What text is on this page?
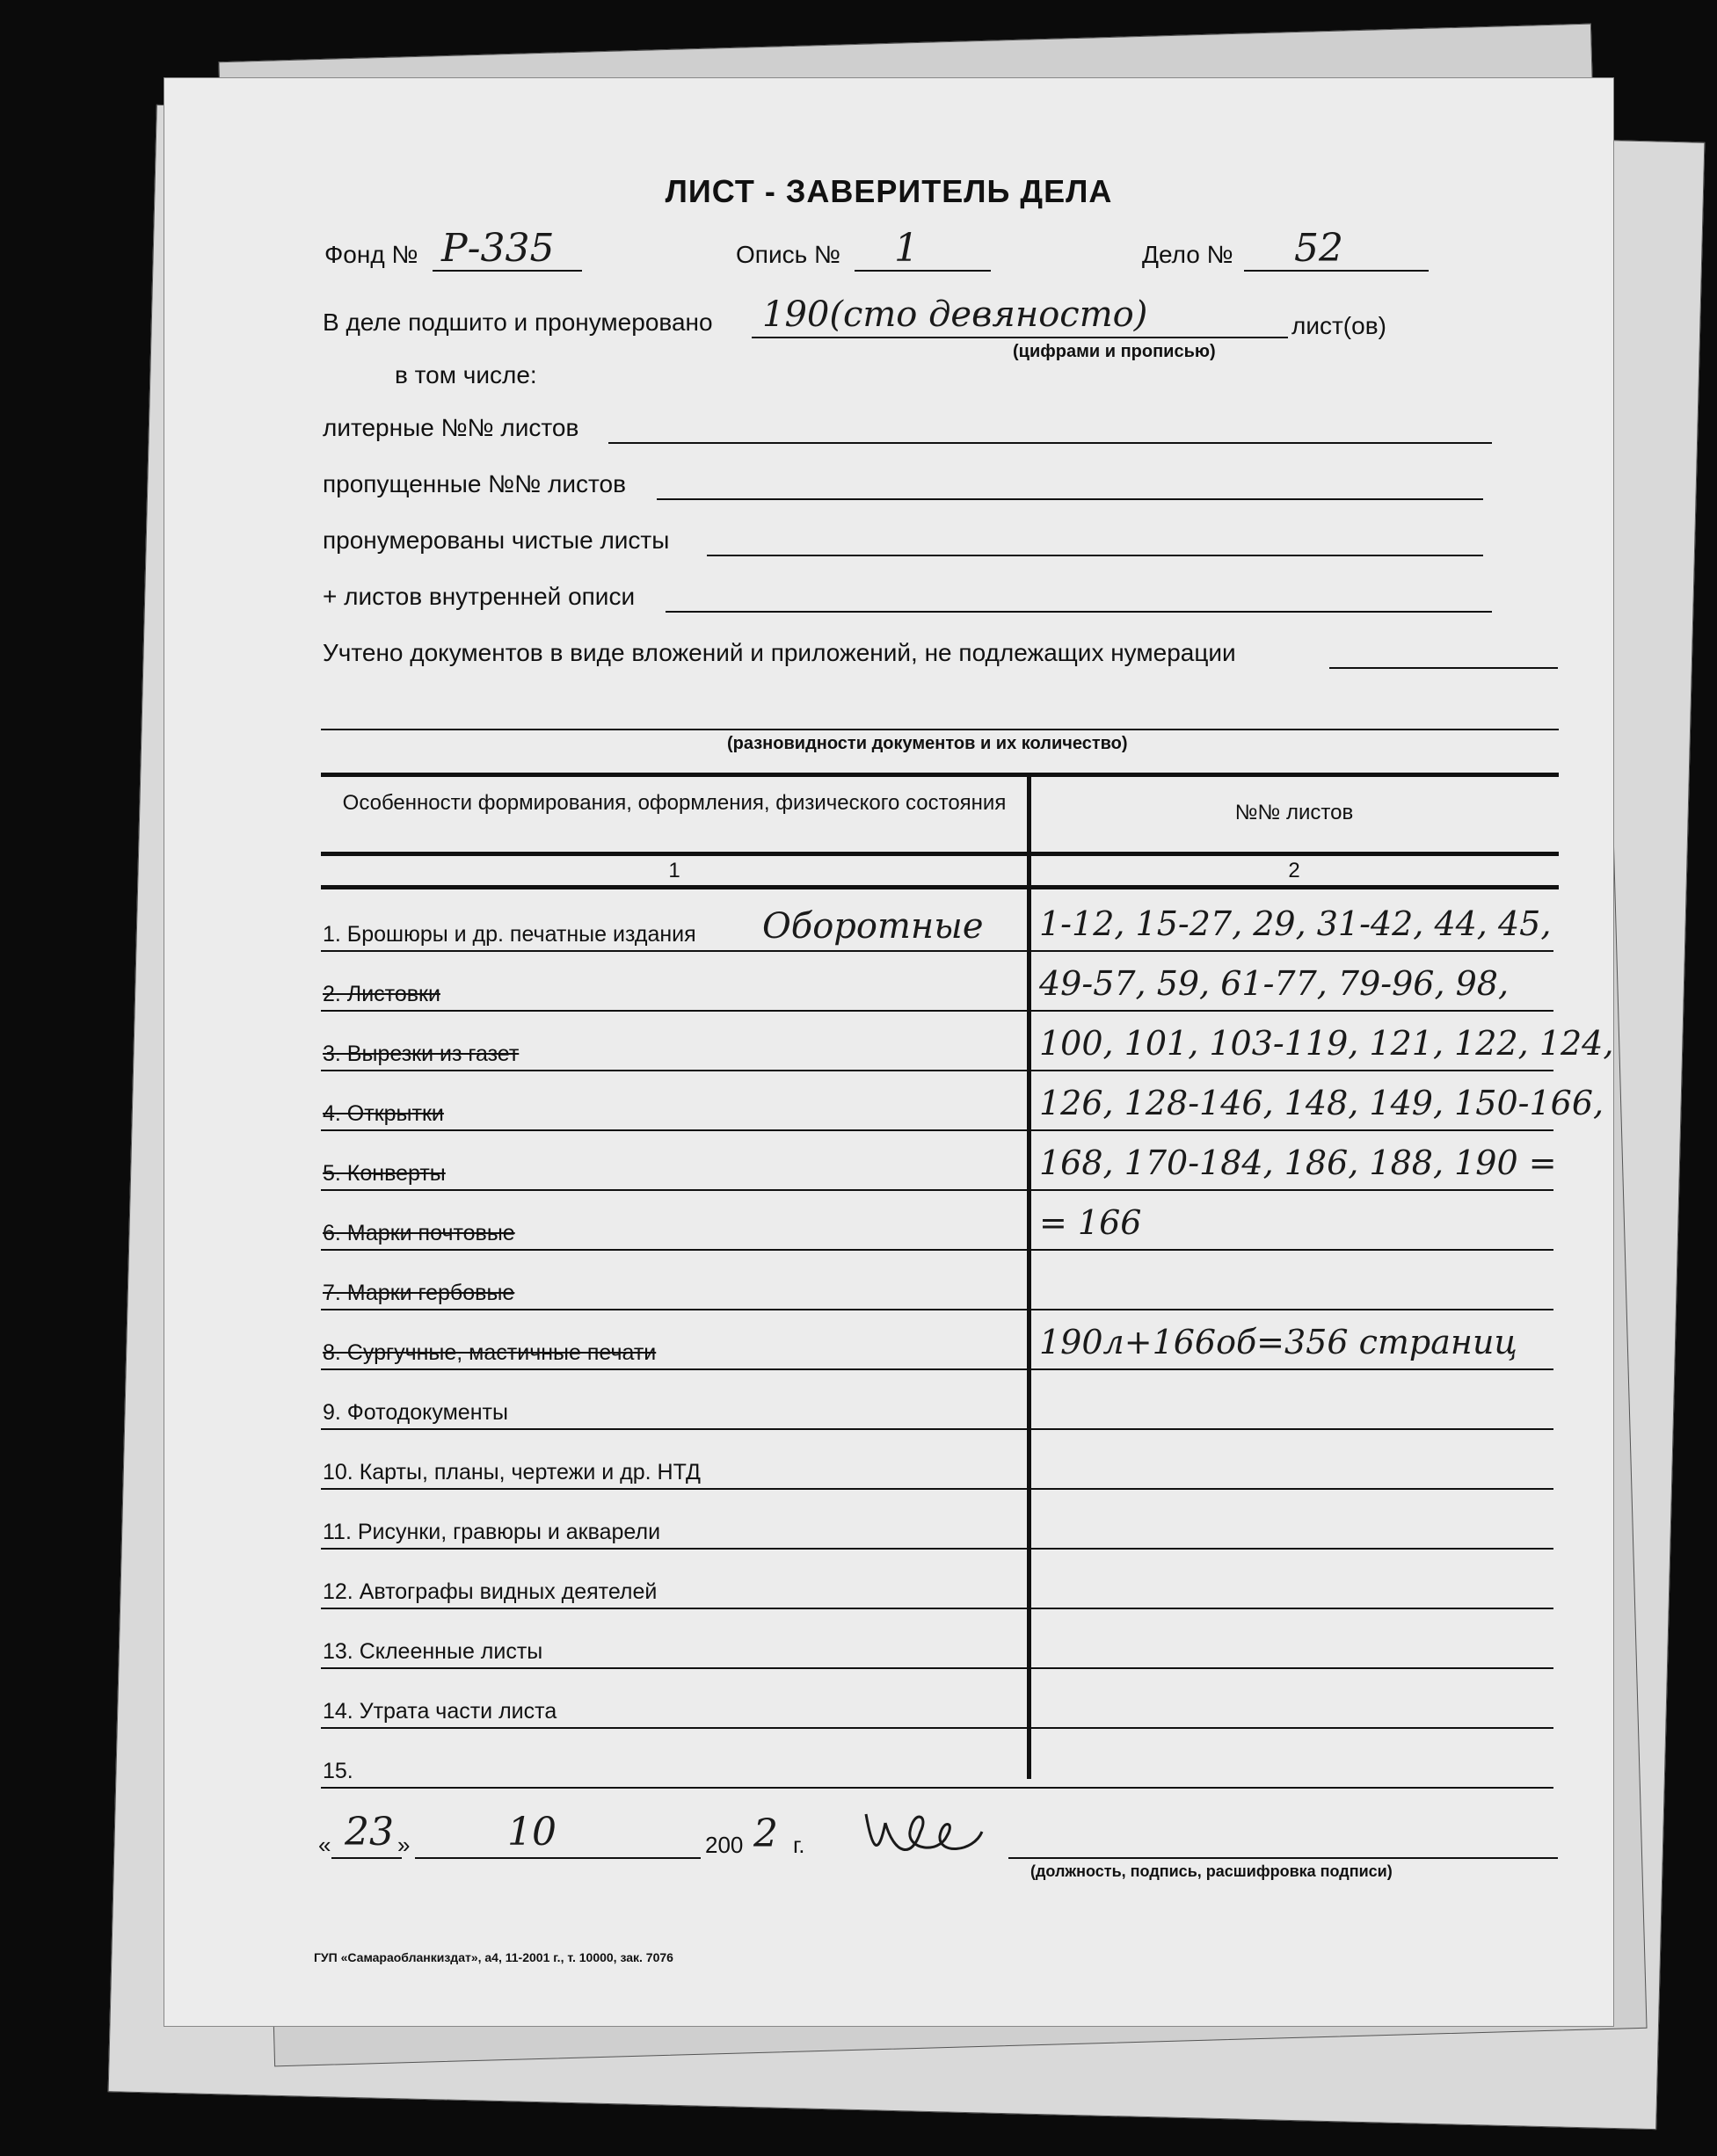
ЛИСТ - ЗАВЕРИТЕЛЬ ДЕЛА
Фонд № Р-335	Опись № 1	Дело № 52
В деле подшито и пронумеровано 190(сто девяносто)	лист(ов)
(цифрами и прописью)
в том числе:
литерные №№ листов
пропущенные №№ листов
пронумерованы чистые листы
+ листов внутренней описи
Учтено документов в виде вложений и приложений, не подлежащих нумерации
(разновидности документов и их количество)
Особенности формирования, оформления, физического состояния	№№ листов
1	2
1. Брошюры и др. печатные издания Оборотные 1-12, 15-27, 29, 31-42, 44, 45,
2. Листовки	49-57, 59, 61-77, 79-96, 98,
3. Вырезки из газет	100, 101, 103-119, 121, 122, 124,
4. Открытки	126, 128-146, 148, 149, 150-166,
5. Конверты	168, 170-184, 186, 188, 190 =
6. Марки почтовые	= 166
7. Марки гербовые
8. Сургучные, мастичные печати	190л+166об=356 страниц
9. Фотодокументы
10. Карты, планы, чертежи и др. НТД
11. Рисунки, гравюры и акварели
12. Автографы видных деятелей
13. Склеенные листы
14. Утрата части листа
15.
« 23 »	10	200 2 г.
(должность, подпись, расшифровка подписи)
ГУП «Самараобланкиздат», а4, 11-2001 г., т. 10000, зак. 7076
